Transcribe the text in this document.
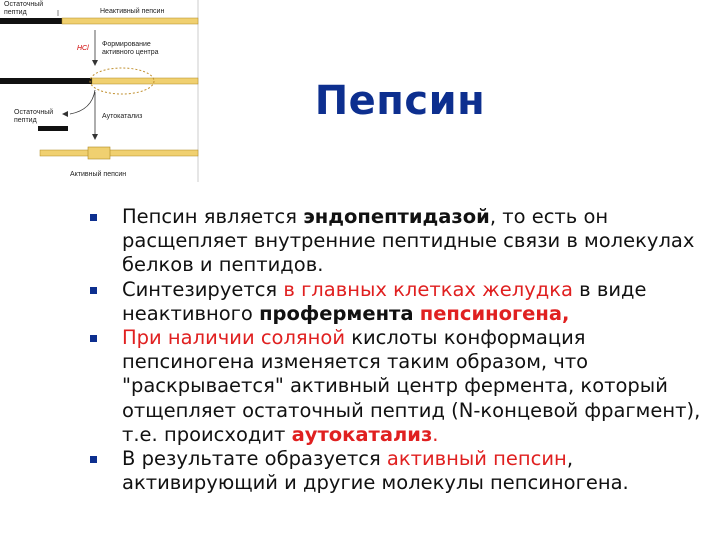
Остаточный пептид	Неактивный пепсин
HCl
Формирование
активного центра
Остаточный
пептид
Аутокатализ
Активный пепсин
Пепсин
Пепсин является эндопептидазой, то есть он расщепляет внутренние пептидные связи в молекулах белков и пептидов.
Синтезируется в главных клетках желудка в виде неактивного профермента пепсиногена,
При наличии соляной кислоты конформация пепсиногена изменяется таким образом, что "раскрывается" активный центр фермента, который отщепляет остаточный пептид (N-концевой фрагмент), т.е. происходит аутокатализ.
В результате образуется активный пепсин, активирующий и другие молекулы пепсиногена.
